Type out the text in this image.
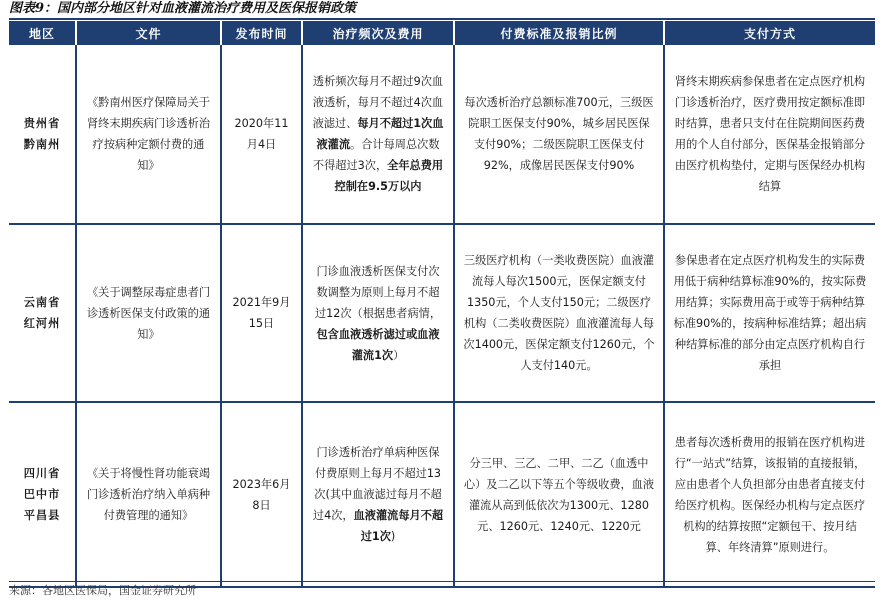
图表9：国内部分地区针对血液灌流治疗费用及医保报销政策
地区	文件	发布时间	治疗频次及费用	付费标准及报销比例	支付方式
贵州省
黔南州	《黔南州医疗保障局关于肾终末期疾病门诊透析治疗按病种定额付费的通知》	2020年11月4日	透析频次每月不超过9次血液透析，每月不超过4次血液滤过、每月不超过1次血液灌流。合计每周总次数不得超过3次，全年总费用控制在9.5万以内	每次透析治疗总额标准700元，三级医院职工医保支付90%，城乡居民医保支付90%；二级医院职工医保支付92%，成像居民医保支付90%	肾终末期疾病参保患者在定点医疗机构门诊透析治疗，医疗费用按定额标准即时结算，患者只支付在住院期间医药费用的个人自付部分，医保基金报销部分由医疗机构垫付，定期与医保经办机构结算
云南省
红河州	《关于调整尿毒症患者门诊透析医保支付政策的通知》	2021年9月15日	门诊血液透析医保支付次数调整为原则上每月不超过12次（根据患者病情，包含血液透析滤过或血液灌流1次）	三级医疗机构（一类收费医院）血液灌流每人每次1500元，医保定额支付1350元，个人支付150元；二级医疗机构（二类收费医院）血液灌流每人每次1400元，医保定额支付1260元，个人支付140元。	参保患者在定点医疗机构发生的实际费用低于病种结算标准90%的，按实际费用结算；实际费用高于或等于病种结算标准90%的，按病种标准结算；超出病种结算标准的部分由定点医疗机构自行承担
四川省
巴中市
平昌县	《关于将慢性肾功能衰竭门诊透析治疗纳入单病种付费管理的通知》	2023年6月8日	门诊透析治疗单病种医保付费原则上每月不超过13次(其中血液滤过每月不超过4次，血液灌流每月不超过1次)	分三甲、三乙、二甲、二乙（血透中心）及二乙以下等五个等级收费，血液灌流从高到低依次为1300元、1280元、1260元、1240元、1220元	患者每次透析费用的报销在医疗机构进行“一站式”结算，该报销的直接报销，应由患者个人负担部分由患者直接支付给医疗机构。医保经办机构与定点医疗机构的结算按照“定额包干、按月结算、年终清算”原则进行。
来源：各地区医保局，国金证券研究所
